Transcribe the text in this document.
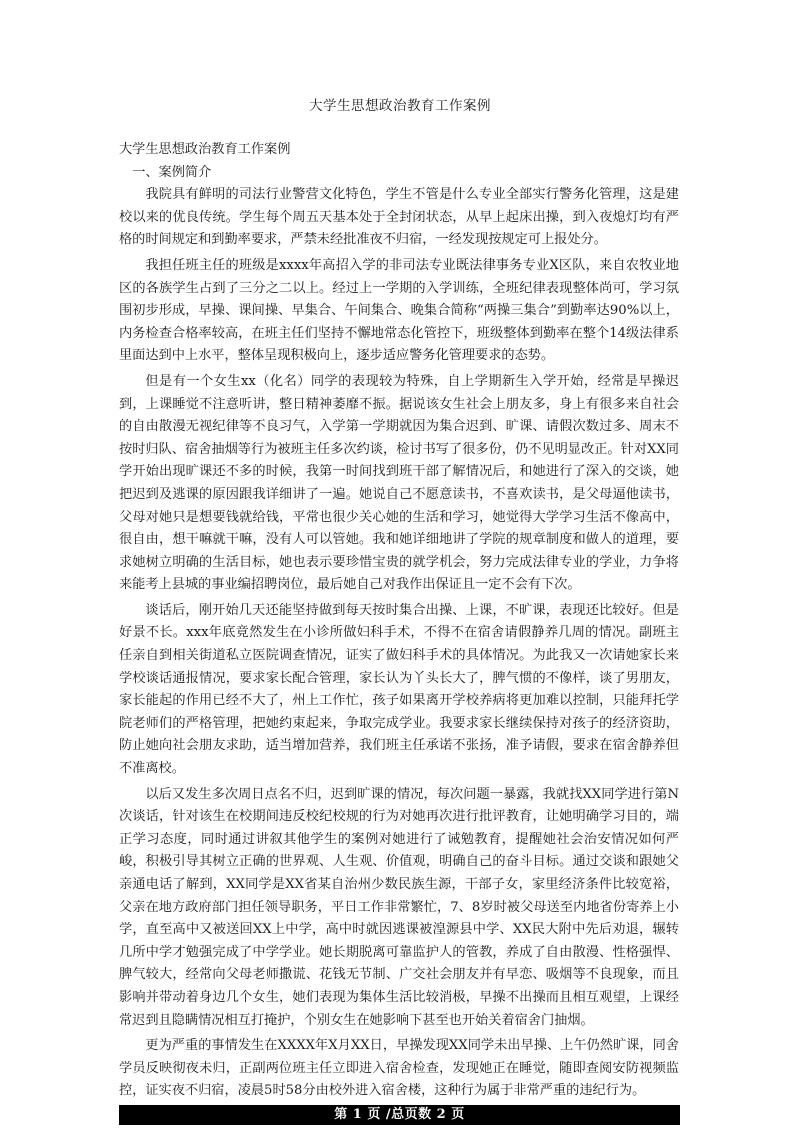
大学生思想政治教育工作案例
大学生思想政治教育工作案例
一、案例简介

我院具有鲜明的司法行业警营文化特色，学生不管是什么专业全部实行警务化管理，这是建校以来的优良传统。学生每个周五天基本处于全封闭状态，从早上起床出操，到入夜熄灯均有严格的时间规定和到勤率要求，严禁未经批准夜不归宿，一经发现按规定可上报处分。

我担任班主任的班级是xxxx年高招入学的非司法专业既法律事务专业X区队，来自农牧业地区的各族学生占到了三分之二以上。经过上一学期的入学训练，全班纪律表现整体尚可，学习氛围初步形成，早操、课间操、早集合、午间集合、晚集合简称“两操三集合”到勤率达90%以上，内务检查合格率较高，在班主任们坚持不懈地常态化管控下，班级整体到勤率在整个14级法律系里面达到中上水平，整体呈现积极向上，逐步适应警务化管理要求的态势。

但是有一个女生xx（化名）同学的表现较为特殊，自上学期新生入学开始，经常是早操迟到，上课睡觉不注意听讲，整日精神萎靡不振。据说该女生社会上朋友多，身上有很多来自社会的自由散漫无视纪律等不良习气，入学第一学期就因为集合迟到、旷课、请假次数过多、周末不按时归队、宿舍抽烟等行为被班主任多次约谈，检讨书写了很多份，仍不见明显改正。针对XX同学开始出现旷课还不多的时候，我第一时间找到班干部了解情况后，和她进行了深入的交谈，她把迟到及逃课的原因跟我详细讲了一遍。她说自己不愿意读书，不喜欢读书，是父母逼他读书，父母对她只是想要钱就给钱，平常也很少关心她的生活和学习，她觉得大学学习生活不像高中，很自由，想干嘛就干嘛，没有人可以管她。我和她详细地讲了学院的规章制度和做人的道理，要求她树立明确的生活目标，她也表示要珍惜宝贵的就学机会，努力完成法律专业的学业，力争将来能考上县城的事业编招聘岗位，最后她自己对我作出保证且一定不会有下次。

谈话后，刚开始几天还能坚持做到每天按时集合出操、上课，不旷课，表现还比较好。但是好景不长。xxx年底竟然发生在小诊所做妇科手术，不得不在宿舍请假静养几周的情况。副班主任亲自到相关街道私立医院调查情况，证实了做妇科手术的具体情况。为此我又一次请她家长来学校谈话通报情况，要求家长配合管理，家长认为丫头长大了，脾气惯的不像样，谈了男朋友，家长能起的作用已经不大了，州上工作忙，孩子如果离开学校养病将更加难以控制，只能拜托学院老师们的严格管理，把她约束起来，争取完成学业。我要求家长继续保持对孩子的经济资助，防止她向社会朋友求助，适当增加营养，我们班主任承诺不张扬，准予请假，要求在宿舍静养但不准离校。

以后又发生多次周日点名不归，迟到旷课的情况，每次问题一暴露，我就找XX同学进行第N次谈话，针对该生在校期间违反校纪校规的行为对她再次进行批评教育，让她明确学习目的，端正学习态度，同时通过讲叙其他学生的案例对她进行了诫勉教育，提醒她社会治安情况如何严峻，积极引导其树立正确的世界观、人生观、价值观，明确自己的奋斗目标。通过交谈和跟她父亲通电话了解到，XX同学是XX省某自治州少数民族生源，干部子女，家里经济条件比较宽裕，父亲在地方政府部门担任领导职务，平日工作非常繁忙，7、8岁时被父母送至内地省份寄养上小学，直至高中又被送回XX上中学，高中时就因逃课被湟源县中学、XX民大附中先后劝退，辗转几所中学才勉强完成了中学学业。她长期脱离可靠监护人的管教，养成了自由散漫、性格强悍、脾气较大，经常向父母老师撒谎、花钱无节制、广交社会朋友并有早恋、吸烟等不良现象，而且影响并带动着身边几个女生，她们表现为集体生活比较消极，早操不出操而且相互观望，上课经常迟到且隐瞒情况相互打掩护，个别女生在她影响下甚至也开始关着宿舍门抽烟。

更为严重的事情发生在XXXX年X月XX日，早操发现XX同学未出早操、上午仍然旷课，同舍学员反映彻夜未归，正副两位班主任立即进入宿舍检查，发现她正在睡觉，随即查阅安防视频监控，证实夜不归宿，凌晨5时58分由校外进入宿舍楼，这种行为属于非常严重的违纪行为。

第 1 页 /总页数 2 页
